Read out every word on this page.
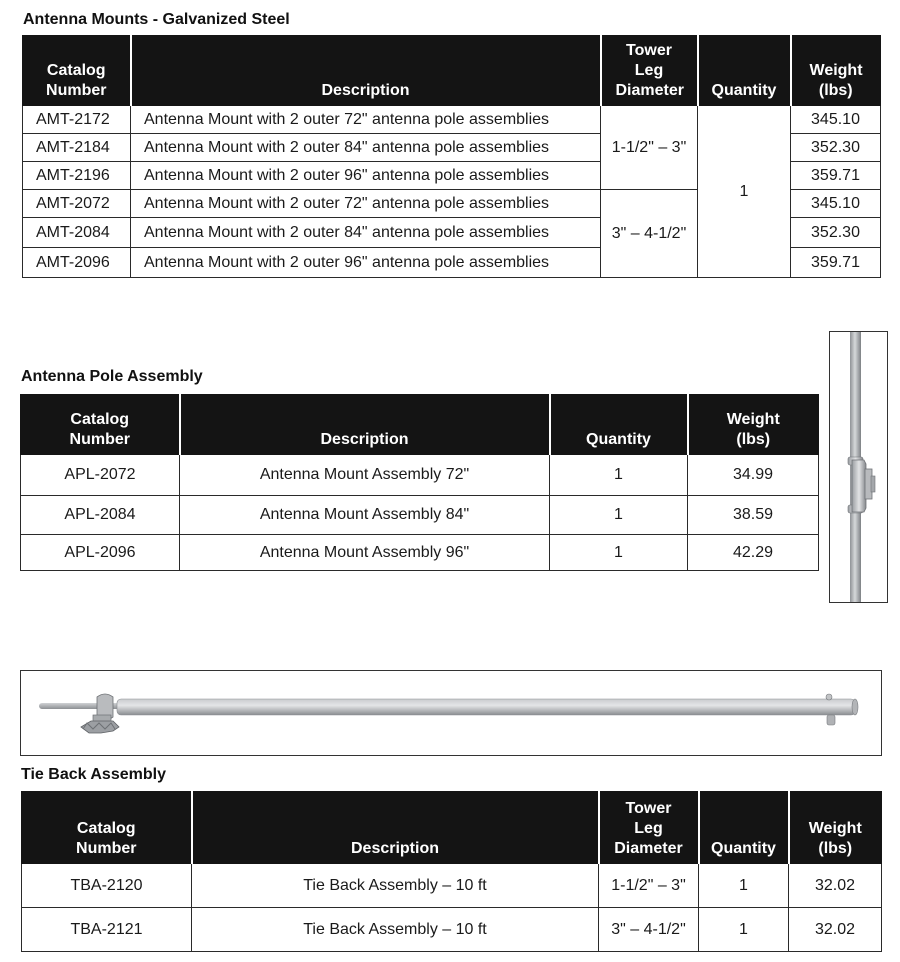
Antenna Mounts - Galvanized Steel
Catalog Number	Description	Tower Leg Diameter	Quantity	Weight (lbs)
AMT-2172	Antenna Mount with 2 outer 72" antenna pole assemblies	1-1/2" – 3"	1	345.10
AMT-2184	Antenna Mount with 2 outer 84" antenna pole assemblies			352.30
AMT-2196	Antenna Mount with 2 outer 96" antenna pole assemblies			359.71
AMT-2072	Antenna Mount with 2 outer 72" antenna pole assemblies	3" – 4-1/2"		345.10
AMT-2084	Antenna Mount with 2 outer 84" antenna pole assemblies			352.30
AMT-2096	Antenna Mount with 2 outer 96" antenna pole assemblies			359.71
Antenna Pole Assembly
Catalog Number	Description	Quantity	Weight (lbs)
APL-2072	Antenna Mount Assembly 72"	1	34.99
APL-2084	Antenna Mount Assembly 84"	1	38.59
APL-2096	Antenna Mount Assembly 96"	1	42.29
Tie Back Assembly
Catalog Number	Description	Tower Leg Diameter	Quantity	Weight (lbs)
TBA-2120	Tie Back Assembly – 10 ft	1-1/2" – 3"	1	32.02
TBA-2121	Tie Back Assembly – 10 ft	3" – 4-1/2"	1	32.02
